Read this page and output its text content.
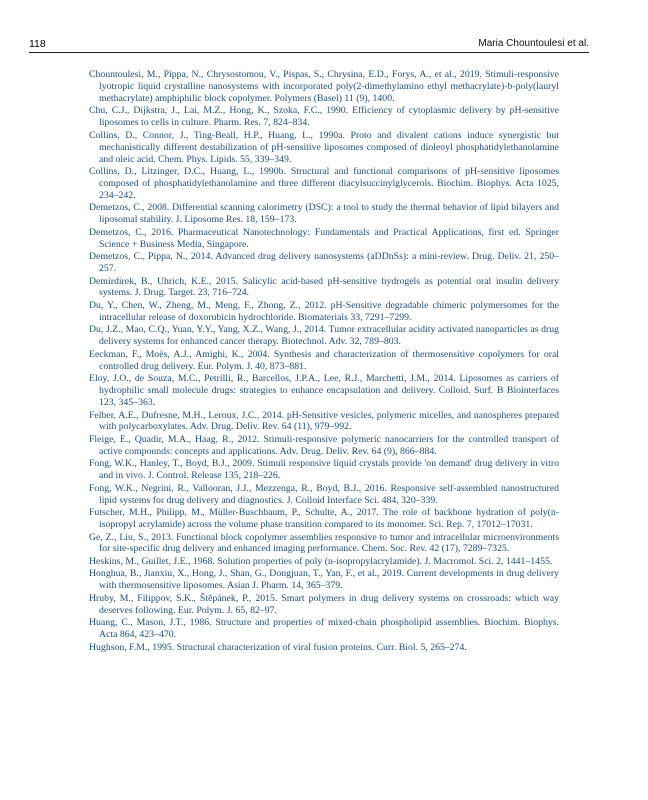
118	Maria Chountoulesi et al.

Chountoulesi, M., Pippa, N., Chrysostomou, V., Pispas, S., Chrysina, E.D., Forys, A., et al., 2019. Stimuli-responsive lyotropic liquid crystalline nanosystems with incorporated poly(2-dimethylamino ethyl methacrylate)-b-poly(lauryl methacrylate) amphiphilic block copolymer. Polymers (Basel) 11 (9), 1400.

Chu, C.J., Dijkstra, J., Lai, M.Z., Hong, K., Szoka, F.C., 1990. Efficiency of cytoplasmic delivery by pH-sensitive liposomes to cells in culture. Pharm. Res. 7, 824–834.

Collins, D., Connor, J., Ting-Beall, H.P., Huang, L., 1990a. Proto and divalent cations induce synergistic but mechanistically different destabilization of pH-sensitive liposomes composed of dioleoyl phosphatidylethanolamine and oleic acid. Chem. Phys. Lipids. 55, 339–349.

Collins, D., Litzinger, D.C., Huang, L., 1990b. Structural and functional comparisons of pH-sensitive liposomes composed of phosphatidylethanolamine and three different diacylsuccinylglycerols. Biochim. Biophys. Acta 1025, 234–242.

Demetzos, C., 2008. Differential scanning calorimetry (DSC): a tool to study the thermal behavior of lipid bilayers and liposomal stability. J. Liposome Res. 18, 159–173.

Demetzos, C., 2016. Pharmaceutical Nanotechnology: Fundamentals and Practical Applications, first ed. Springer Science + Business Media, Singapore.

Demetzos, C., Pippa, N., 2014. Advanced drug delivery nanosystems (aDDnSs): a mini-review. Drug. Deliv. 21, 250–257.

Demirdirek, B., Uhrich, K.E., 2015. Salicylic acid-based pH-sensitive hydrogels as potential oral insulin delivery systems. J. Drug. Target. 23, 716–724.

Du, Y., Chen, W., Zheng, M., Meng, F., Zhong, Z., 2012. pH-Sensitive degradable chimeric polymersomes for the intracellular release of doxorubicin hydrochloride. Biomaterials 33, 7291–7299.

Du, J.Z., Mao, C.Q., Yuan, Y.Y., Yang, X.Z., Wang, J., 2014. Tumor extracellular acidity activated nanoparticles as drug delivery systems for enhanced cancer therapy. Biotechnol. Adv. 32, 789–803.

Eeckman, F., Moës, A.J., Amighi, K., 2004. Synthesis and characterization of thermosensitive copolymers for oral controlled drug delivery. Eur. Polym. J. 40, 873–881.

Eloy, J.O., de Souza, M.C., Petrilli, R., Barcellos, J.P.A., Lee, R.J., Marchetti, J.M., 2014. Liposomes as carriers of hydrophilic small molecule drugs: strategies to enhance encapsulation and delivery. Colloid. Surf. B Biointerfaces 123, 345–363.

Felber, A.E., Dufresne, M.H., Leroux, J.C., 2014. pH-Sensitive vesicles, polymeric micelles, and nanospheres prepared with polycarboxylates. Adv. Drug. Deliv. Rev. 64 (11), 979–992.

Fleige, E., Quadir, M.A., Haag, R., 2012. Stimuli-responsive polymeric nanocarriers for the controlled transport of active compounds: concepts and applications. Adv. Drug. Deliv. Rev. 64 (9), 866–884.

Fong, W.K., Hanley, T., Boyd, B.J., 2009. Stimuli responsive liquid crystals provide 'on demand' drug delivery in vitro and in vivo. J. Control. Release 135, 218–226.

Fong, W.K., Negrini, R., Vallooran, J.J., Mezzenga, R., Boyd, B.J., 2016. Responsive self-assembled nanostructured lipid systems for drug delivery and diagnostics. J. Colloid Interface Sci. 484, 320–339.

Futscher, M.H., Philipp, M., Müller-Buschbaum, P., Schulte, A., 2017. The role of backbone hydration of poly(n-isopropyl acrylamide) across the volume phase transition compared to its monomer. Sci. Rep. 7, 17012–17031.

Ge, Z., Liu, S., 2013. Functional block copolymer assemblies responsive to tumor and intracellular microenvironments for site-specific drug delivery and enhanced imaging performance. Chem. Soc. Rev. 42 (17), 7289–7325.

Heskins, M., Guillet, J.E., 1968. Solution properties of poly (n-isopropylacrylamide). J. Macromol. Sci. 2, 1441–1455.

Honghua, B., Jianxiu, X., Hong, J., Shan, G., Dongjuan, T., Yan, F., et al., 2019. Current developments in drug delivery with thermosensitive liposomes. Asian J. Pharm. 14, 365–379.

Hruby, M., Filippov, S.K., Štěpánek, P., 2015. Smart polymers in drug delivery systems on crossroads: which way deserves following. Eur. Polym. J. 65, 82–97.

Huang, C., Mason, J.T., 1986. Structure and properties of mixed-chain phospholipid assemblies. Biochim. Biophys. Acta 864, 423–470.

Hughson, F.M., 1995. Structural characterization of viral fusion proteins. Curr. Biol. 5, 265–274.
